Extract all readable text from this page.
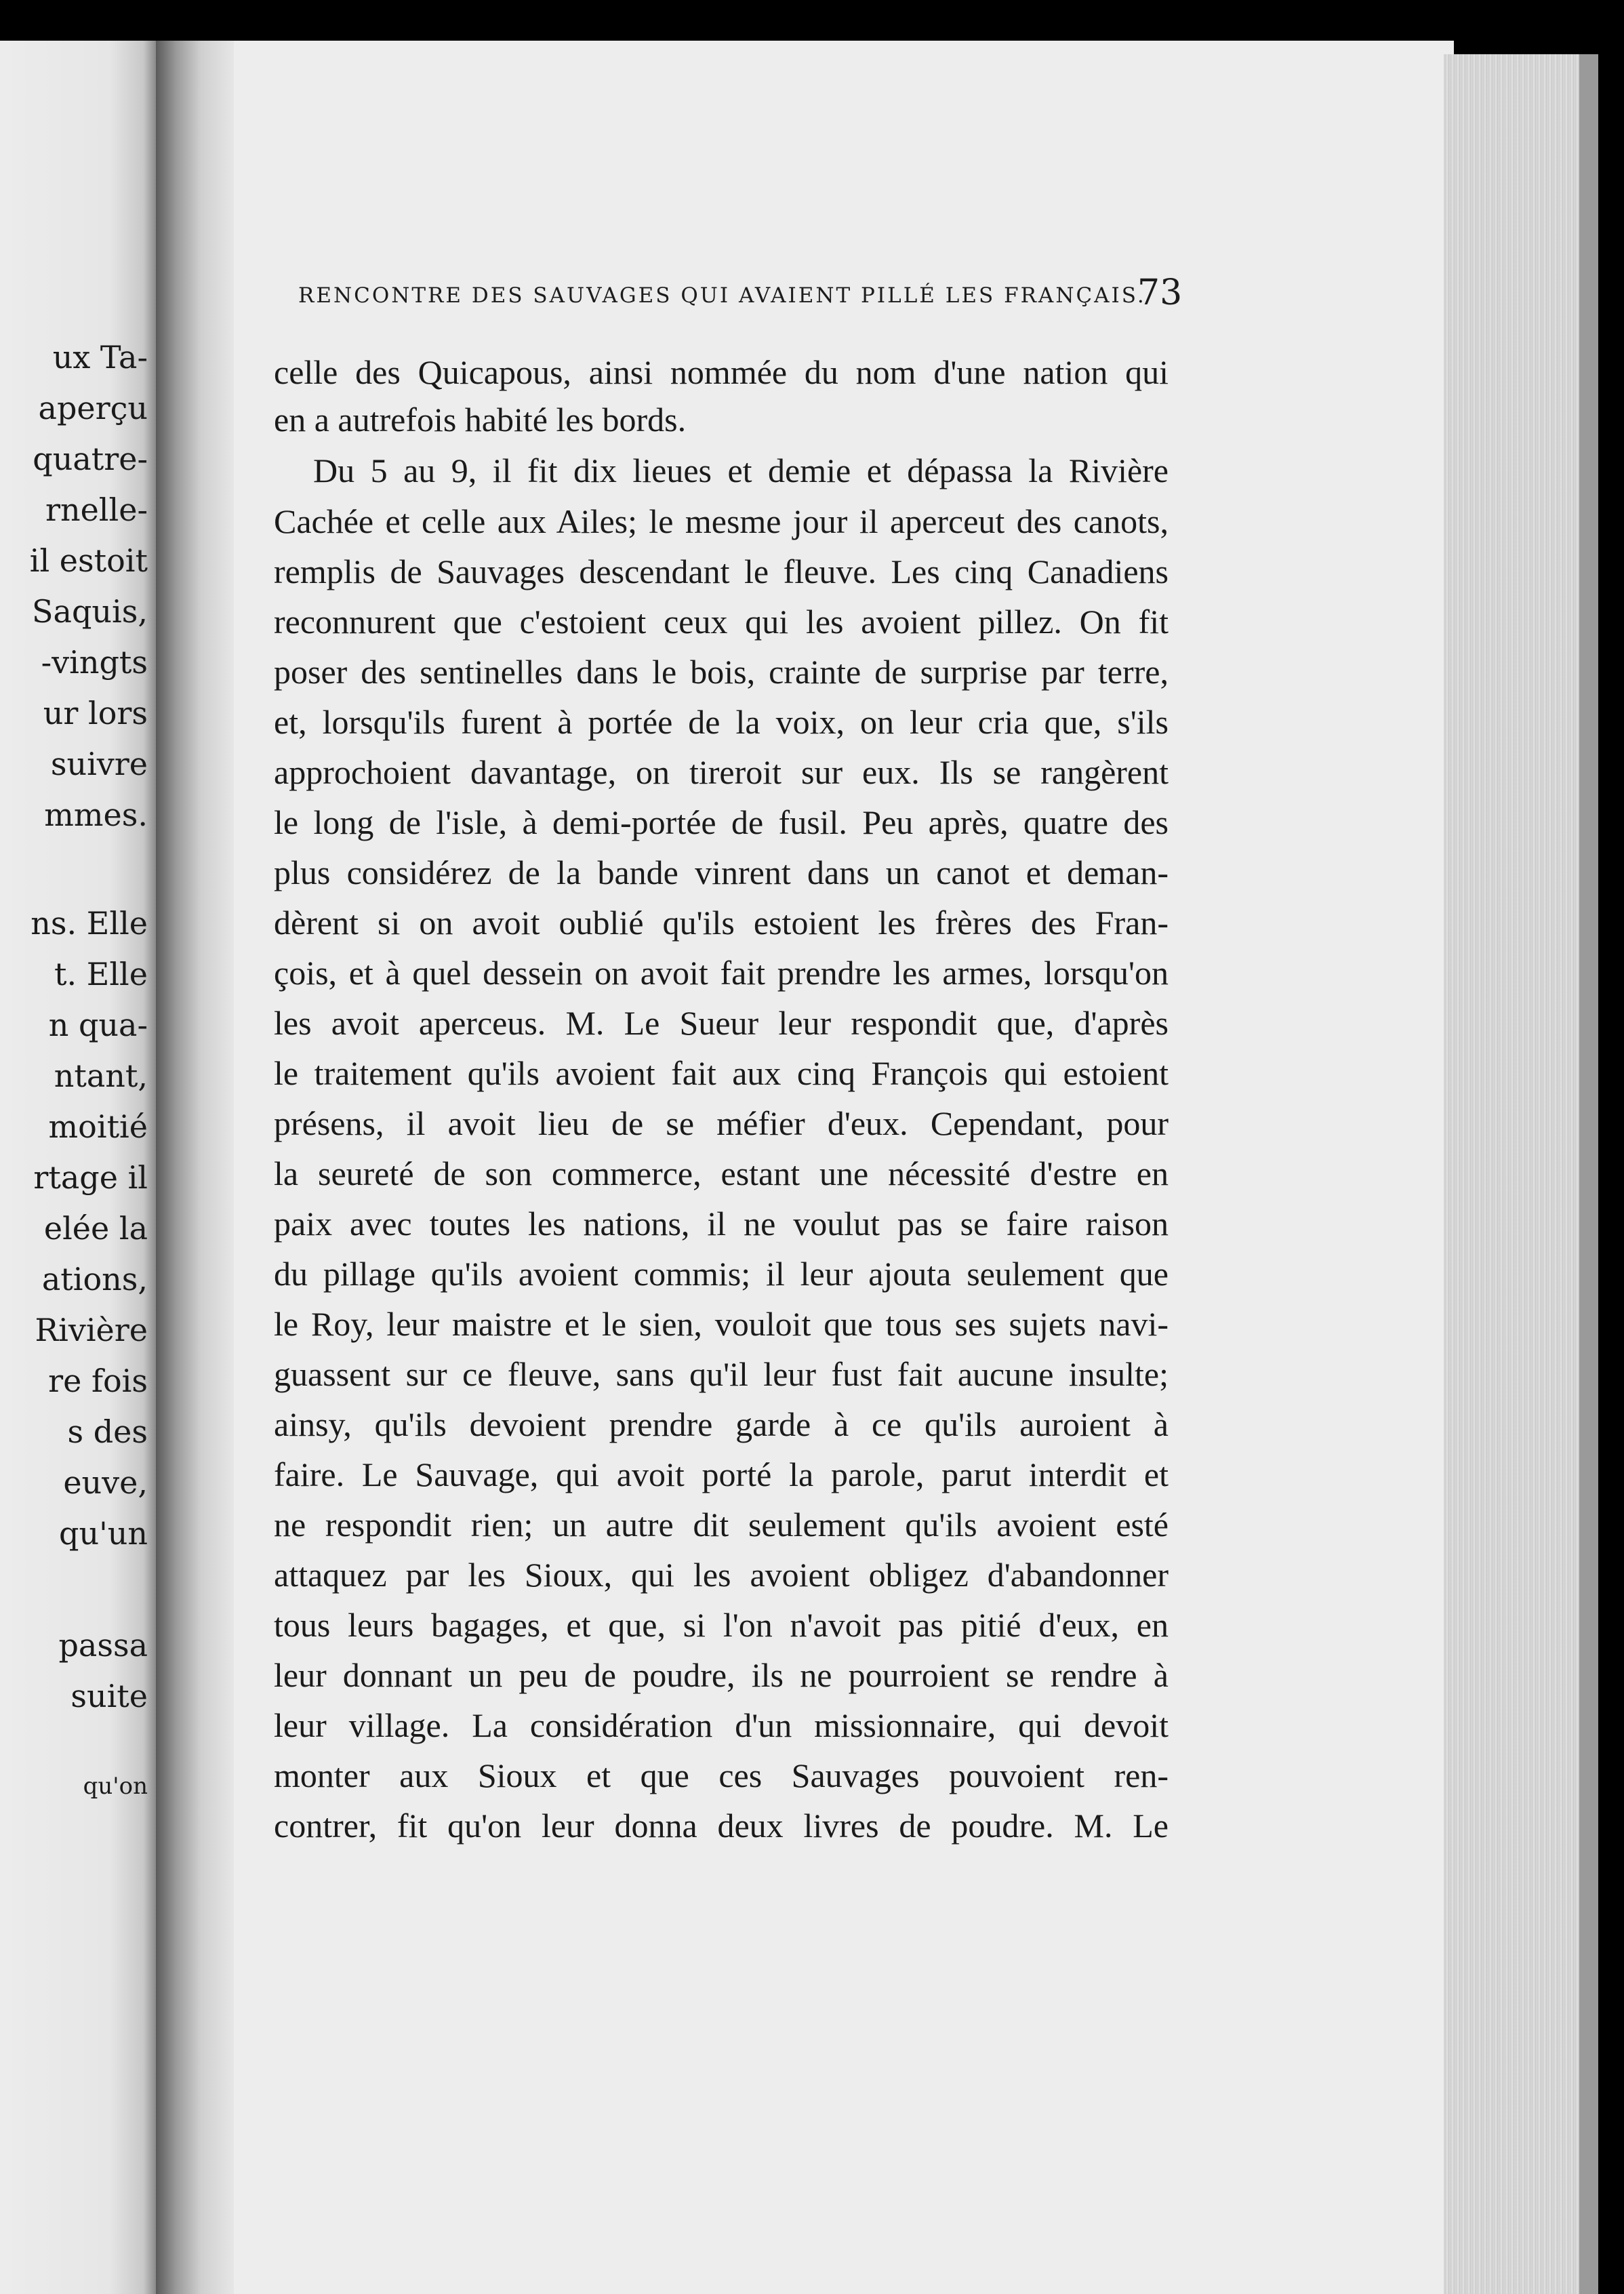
ux Ta-
aperçu
quatre-
rnelle-
il estoit
Saquis,
-vingts
ur lors
suivre
mmes.
ns. Elle
t. Elle
n qua-
ntant,
moitié
rtage il
elée la
ations,
Rivière
re fois
s des
euve,
qu'un
passa
suite
qu'on
RENCONTRE DES SAUVAGES QUI AVAIENT PILLÉ LES FRANÇAIS.
73
celle des Quicapous, ainsi nommée du nom d'une nation qui
en a autrefois habité les bords.
Du 5 au 9, il fit dix lieues et demie et dépassa la Rivière
Cachée et celle aux Ailes; le mesme jour il aperceut des canots,
remplis de Sauvages descendant le fleuve. Les cinq Canadiens
reconnurent que c'estoient ceux qui les avoient pillez. On fit
poser des sentinelles dans le bois, crainte de surprise par terre,
et, lorsqu'ils furent à portée de la voix, on leur cria que, s'ils
approchoient davantage, on tireroit sur eux. Ils se rangèrent
le long de l'isle, à demi-portée de fusil. Peu après, quatre des
plus considérez de la bande vinrent dans un canot et deman-
dèrent si on avoit oublié qu'ils estoient les frères des Fran-
çois, et à quel dessein on avoit fait prendre les armes, lorsqu'on
les avoit aperceus. M. Le Sueur leur respondit que, d'après
le traitement qu'ils avoient fait aux cinq François qui estoient
présens, il avoit lieu de se méfier d'eux. Cependant, pour
la seureté de son commerce, estant une nécessité d'estre en
paix avec toutes les nations, il ne voulut pas se faire raison
du pillage qu'ils avoient commis; il leur ajouta seulement que
le Roy, leur maistre et le sien, vouloit que tous ses sujets navi-
guassent sur ce fleuve, sans qu'il leur fust fait aucune insulte;
ainsy, qu'ils devoient prendre garde à ce qu'ils auroient à
faire. Le Sauvage, qui avoit porté la parole, parut interdit et
ne respondit rien; un autre dit seulement qu'ils avoient esté
attaquez par les Sioux, qui les avoient obligez d'abandonner
tous leurs bagages, et que, si l'on n'avoit pas pitié d'eux, en
leur donnant un peu de poudre, ils ne pourroient se rendre à
leur village. La considération d'un missionnaire, qui devoit
monter aux Sioux et que ces Sauvages pouvoient ren-
contrer, fit qu'on leur donna deux livres de poudre. M. Le
